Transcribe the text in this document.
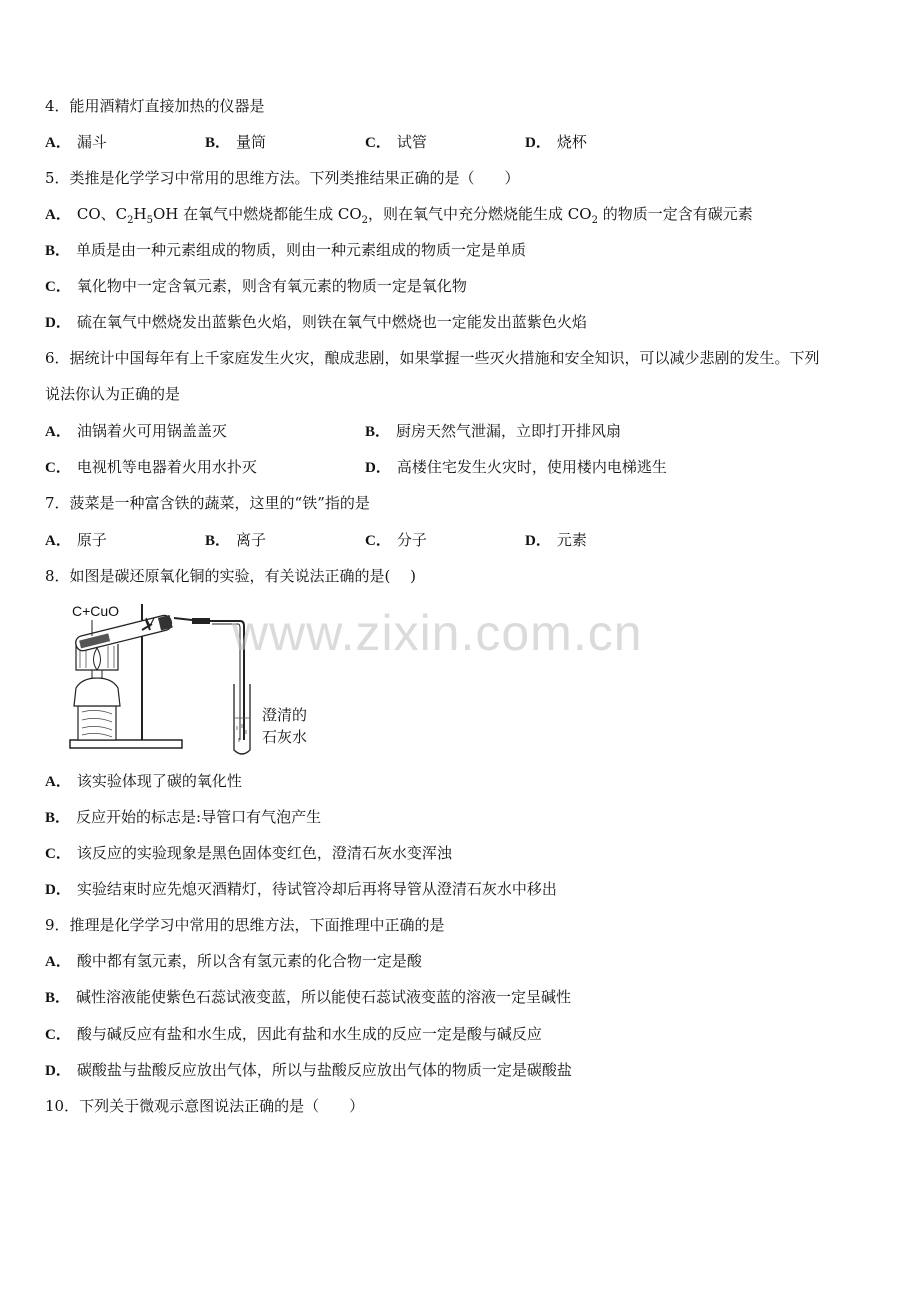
4．能用酒精灯直接加热的仪器是
A． 漏斗	B． 量筒	C． 试管	D． 烧杯
5．类推是化学学习中常用的思维方法。下列类推结果正确的是（　　）
A． CO、$C_2H_5OH$ 在氧气中燃烧都能生成 $CO_2$，则在氧气中充分燃烧能生成 $CO_2$ 的物质一定含有碳元素
B． 单质是由一种元素组成的物质，则由一种元素组成的物质一定是单质
C． 氧化物中一定含氧元素，则含有氧元素的物质一定是氧化物
D． 硫在氧气中燃烧发出蓝紫色火焰，则铁在氧气中燃烧也一定能发出蓝紫色火焰
6．据统计中国每年有上千家庭发生火灾，酿成悲剧，如果掌握一些灭火措施和安全知识，可以减少悲剧的发生。下列
说法你认为正确的是
A． 油锅着火可用锅盖盖灭	B． 厨房天然气泄漏，立即打开排风扇
C． 电视机等电器着火用水扑灭	D． 高楼住宅发生火灾时，使用楼内电梯逃生
7．菠菜是一种富含铁的蔬菜，这里的“铁”指的是
A． 原子	B． 离子	C． 分子	D． 元素
8．如图是碳还原氧化铜的实验，有关说法正确的是(　 )
C+CuO
澄清的
石灰水
www.zixin.com.cn
A． 该实验体现了碳的氧化性
B． 反应开始的标志是:导管口有气泡产生
C． 该反应的实验现象是黑色固体变红色，澄清石灰水变浑浊
D． 实验结束时应先熄灭酒精灯，待试管冷却后再将导管从澄清石灰水中移出
9．推理是化学学习中常用的思维方法，下面推理中正确的是
A． 酸中都有氢元素，所以含有氢元素的化合物一定是酸
B． 碱性溶液能使紫色石蕊试液变蓝，所以能使石蕊试液变蓝的溶液一定呈碱性
C． 酸与碱反应有盐和水生成，因此有盐和水生成的反应一定是酸与碱反应
D． 碳酸盐与盐酸反应放出气体，所以与盐酸反应放出气体的物质一定是碳酸盐
10．下列关于微观示意图说法正确的是（　　）
